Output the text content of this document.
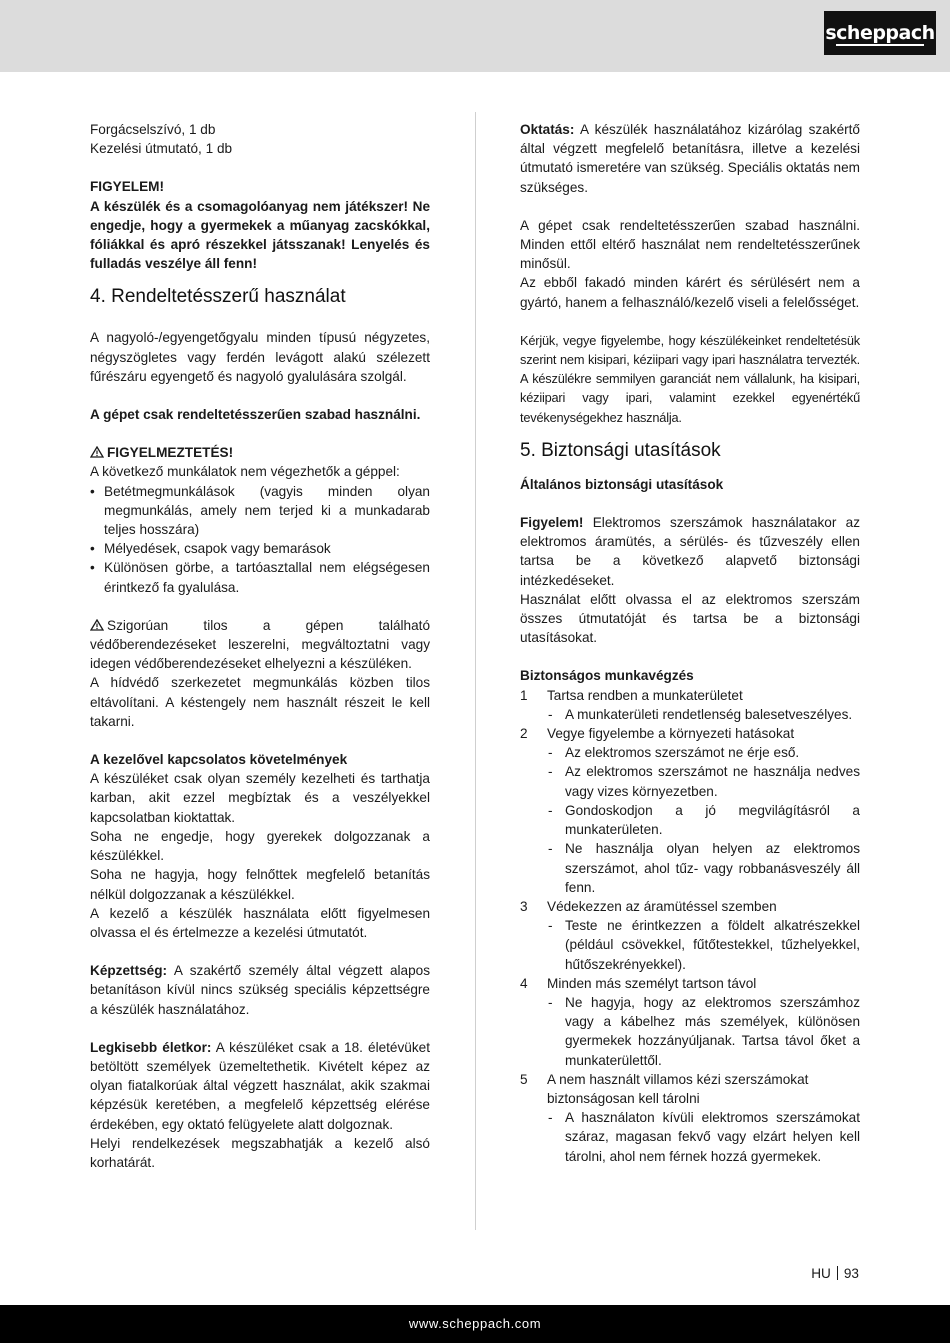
scheppach

Forgácselszívó, 1 db

Kezelési útmutató, 1 db

FIGYELEM!

A készülék és a csomagolóanyag nem játékszer! Ne engedje, hogy a gyermekek a műanyag zacskókkal, fóliákkal és apró részekkel játsszanak! Lenyelés és fulladás veszélye áll fenn!

4. Rendeltetésszerű használat

A nagyoló-/egyengetőgyalu minden típusú négyzetes, négyszögletes vagy ferdén levágott alakú szélezett fűrészáru egyengető és nagyoló gyalulására szolgál.

A gépet csak rendeltetésszerűen szabad használni.

FIGYELMEZTETÉS!

A következő munkálatok nem végezhetők a géppel:

• Betétmegmunkálások (vagyis minden olyan megmunkálás, amely nem terjed ki a munkadarab teljes hosszára)
• Mélyedések, csapok vagy bemarások
• Különösen görbe, a tartóasztallal nem elégségesen érintkező fa gyalulása.

Szigorúan tilos a gépen található védőberendezéseket leszerelni, megváltoztatni vagy idegen védőberendezéseket elhelyezni a készüléken.

A hídvédő szerkezetet megmunkálás közben tilos eltávolítani. A késtengely nem használt részeit le kell takarni.

A kezelővel kapcsolatos követelmények

A készüléket csak olyan személy kezelheti és tarthatja karban, akit ezzel megbíztak és a veszélyekkel kapcsolatban kioktattak.

Soha ne engedje, hogy gyerekek dolgozzanak a készülékkel.

Soha ne hagyja, hogy felnőttek megfelelő betanítás nélkül dolgozzanak a készülékkel.

A kezelő a készülék használata előtt figyelmesen olvassa el és értelmezze a kezelési útmutatót.

Képzettség: A szakértő személy által végzett alapos betanításon kívül nincs szükség speciális képzettségre a készülék használatához.

Legkisebb életkor: A készüléket csak a 18. életévüket betöltött személyek üzemeltethetik. Kivételt képez az olyan fiatalkorúak által végzett használat, akik szakmai képzésük keretében, a megfelelő képzettség elérése érdekében, egy oktató felügyelete alatt dolgoznak.

Helyi rendelkezések megszabhatják a kezelő alsó korhatárát.

Oktatás: A készülék használatához kizárólag szakértő által végzett megfelelő betanításra, illetve a kezelési útmutató ismeretére van szükség. Speciális oktatás nem szükséges.

A gépet csak rendeltetésszerűen szabad használni. Minden ettől eltérő használat nem rendeltetésszerűnek minősül.

Az ebből fakadó minden kárért és sérülésért nem a gyártó, hanem a felhasználó/kezelő viseli a felelősséget.

Kérjük, vegye figyelembe, hogy készülékeinket rendeltetésük szerint nem kisipari, kéziipari vagy ipari használatra tervezték. A készülékre semmilyen garanciát nem vállalunk, ha kisipari, kéziipari vagy ipari, valamint ezekkel egyenértékű tevékenységekhez használja.

5. Biztonsági utasítások

Általános biztonsági utasítások

Figyelem! Elektromos szerszámok használatakor az elektromos áramütés, a sérülés- és tűzveszély ellen tartsa be a következő alapvető biztonsági intézkedéseket.

Használat előtt olvassa el az elektromos szerszám összes útmutatóját és tartsa be a biztonsági utasításokat.

Biztonságos munkavégzés

1 Tartsa rendben a munkaterületet
- A munkaterületi rendetlenség balesetveszélyes.
2 Vegye figyelembe a környezeti hatásokat
- Az elektromos szerszámot ne érje eső.
- Az elektromos szerszámot ne használja nedves vagy vizes környezetben.
- Gondoskodjon a jó megvilágításról a munkaterületen.
- Ne használja olyan helyen az elektromos szerszámot, ahol tűz- vagy robbanásveszély áll fenn.
3 Védekezzen az áramütéssel szemben
- Teste ne érintkezzen a földelt alkatrészekkel (például csövekkel, fűtőtestekkel, tűzhelyekkel, hűtőszekrényekkel).
4 Minden más személyt tartson távol
- Ne hagyja, hogy az elektromos szerszámhoz vagy a kábelhez más személyek, különösen gyermekek hozzányúljanak. Tartsa távol őket a munkaterülettől.
5 A nem használt villamos kézi szerszámokat biztonságosan kell tárolni
- A használaton kívüli elektromos szerszámokat száraz, magasan fekvő vagy elzárt helyen kell tárolni, ahol nem férnek hozzá gyermekek.
HU 93
www.scheppach.com
